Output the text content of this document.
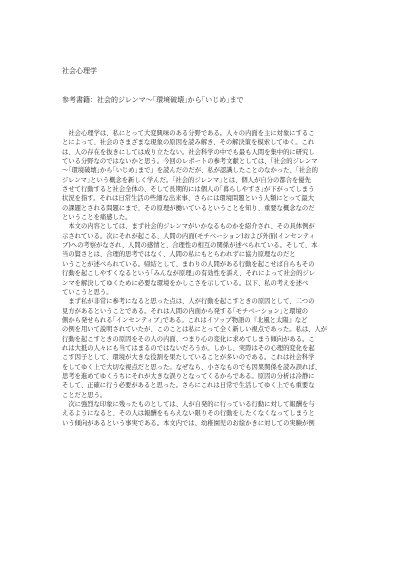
社会心理学
参考書籍：社会的ジレンマ～｢環境破壊｣から｢いじめ｣まで
　社会心理学は、私にとって大変興味のある分野である。人々の内面を主に対象にするこ
とによって、社会のさまざまな現象の原因を読み解き、その解決策を模索してゆく。これ
は、人の存在を抜きにしては成り立たない。社会科学の中でも最も人間を集中的に研究し
ている分野なのではないかと思う。今回のレポートの参考文献としては、『社会的ジレンマ
～｢環境破壊｣から｢いじめ｣まで』を読んだのだが、私が認識したことのなかった、｢社会的
ジレンマ｣という概念を新しく学んだ。｢社会的ジレンマ｣とは、個人が自分の都合を優先
させて行動すると社会全体の、そして長期的には個人の｢暮らしやすさ｣が下がってしまう
状況を指す。それは日常生活の些細な出来事、さらには環境問題という人類にとって最大
の課題とされる問題にまで、その原理が働いているということを知り、重要な概念なのだ
ということを痛感した。
　本文の内容としては、まず社会的ジレンマがいかなるものかを紹介され、その具体例が
示されている。次にそれが起こる、人間の内面(モチベーション)および外面(インセンティ
ブ)への考察がなされ、人間の感情と、合理性の相互の関係が述べられている。そして、本
当の賢さとは、合理的思考ではなく、人間の私にもとらわれずに協力原理なのだと
いうことが述べられている。帰結として、まわりの人間がある行動を起こせば自らもその
行動を起こしやすくなるという｢みんなが原理｣の有効性を訴え、それによって社会的ジレ
ンマを解決してゆくために必要な環境をかしこさを示している。以下、私の考えを述べ
ていこうと思う。
　まず私が非常に参考になると思った点は、人が行動を起こすときの原因として、二つの
見方があるということである。それは人間の内面から発する｢モチベーション｣と環境の
側から発せられる｢インセンティブ｣である。これはイソップ物語の『北風と太陽』など
の例を用いて説明されていたが、このことは私にとって全く新しい視点であった。私は、人が
行動を起こすときの原因をその人の内面、つまり心の変化に求めてしまう傾向がある。こ
れは大抵の人々にも当てはまるのではないだろうか。しかし、実際はその心理的変化を起
こす因子として、環境が大きな役割を果たしていることが多いのである。これは社会科学
をしてゆく上で大切な視点だと思った。なぜなら、小さなものでも因果関係を読み誤れば、
思考を進めてゆくうちにそれが大きな誤りとなってくるからである。原因の分析は冷静に
そして、正確に行う必要があると思った。さらにこれは日常で生活してゆく上でも重要な
ことだと思う。
　次に強烈な印象に残ったものとしては、人が自発的に行っている行動に対して報酬を与
えるようになると、その人は報酬をもらえない限りその行動をしたくなくなってしまうと
いう傾向があるという事実である。本文内では、幼稚園児のお絵かきに対しての実験が例
